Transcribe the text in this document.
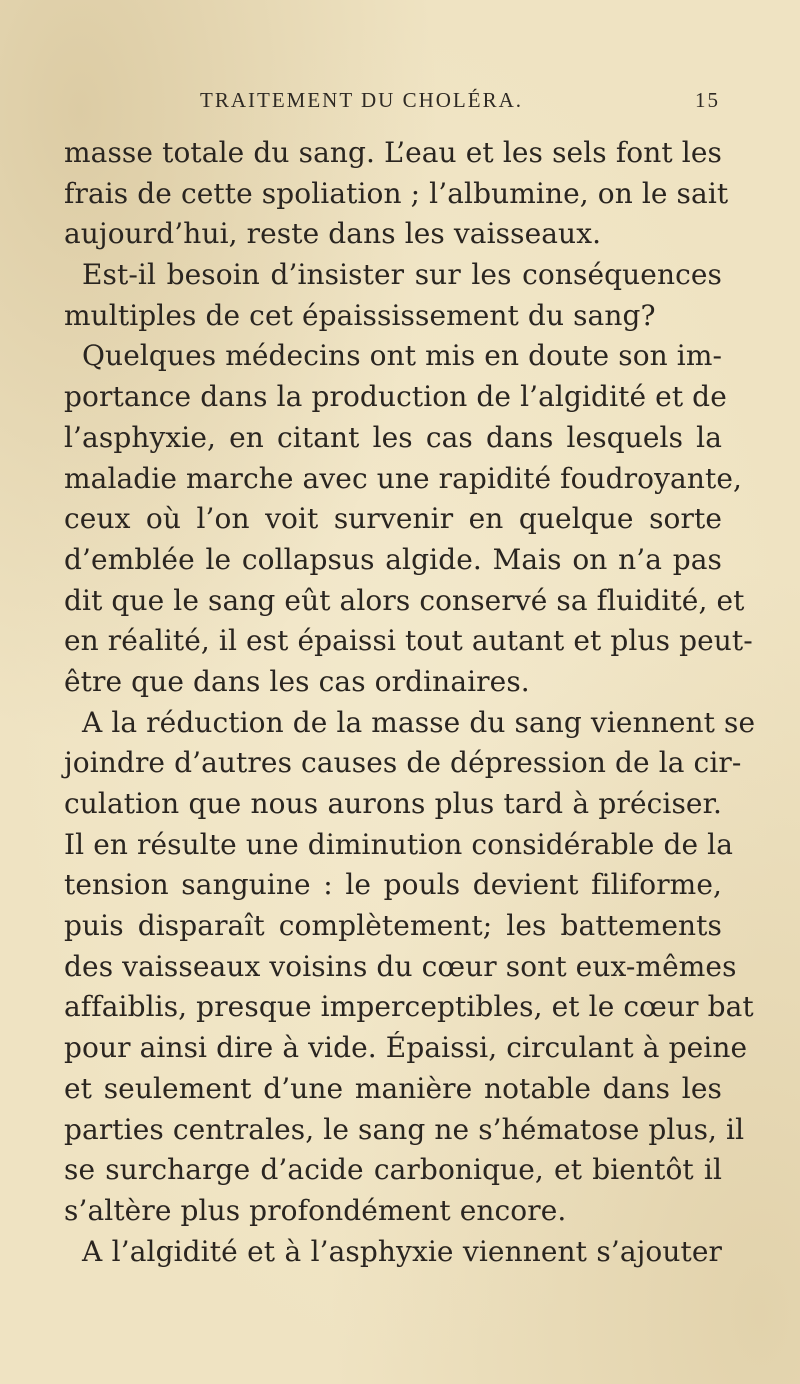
TRAITEMENT DU CHOLÉRA.	15
masse totale du sang. L’eau et les sels font les
frais de cette spoliation ; l’albumine, on le sait
aujourd’hui, reste dans les vaisseaux.
Est-il besoin d’insister sur les conséquences
multiples de cet épaississement du sang?
Quelques médecins ont mis en doute son im-
portance dans la production de l’algidité et de
l’asphyxie, en citant les cas dans lesquels la
maladie marche avec une rapidité foudroyante,
ceux où l’on voit survenir en quelque sorte
d’emblée le collapsus algide. Mais on n’a pas
dit que le sang eût alors conservé sa fluidité, et
en réalité, il est épaissi tout autant et plus peut-
être que dans les cas ordinaires.
A la réduction de la masse du sang viennent se
joindre d’autres causes de dépression de la cir-
culation que nous aurons plus tard à préciser.
Il en résulte une diminution considérable de la
tension sanguine : le pouls devient filiforme,
puis disparaît complètement; les battements
des vaisseaux voisins du cœur sont eux-mêmes
affaiblis, presque imperceptibles, et le cœur bat
pour ainsi dire à vide. Épaissi, circulant à peine
et seulement d’une manière notable dans les
parties centrales, le sang ne s’hématose plus, il
se surcharge d’acide carbonique, et bientôt il
s’altère plus profondément encore.
A l’algidité et à l’asphyxie viennent s’ajouter
